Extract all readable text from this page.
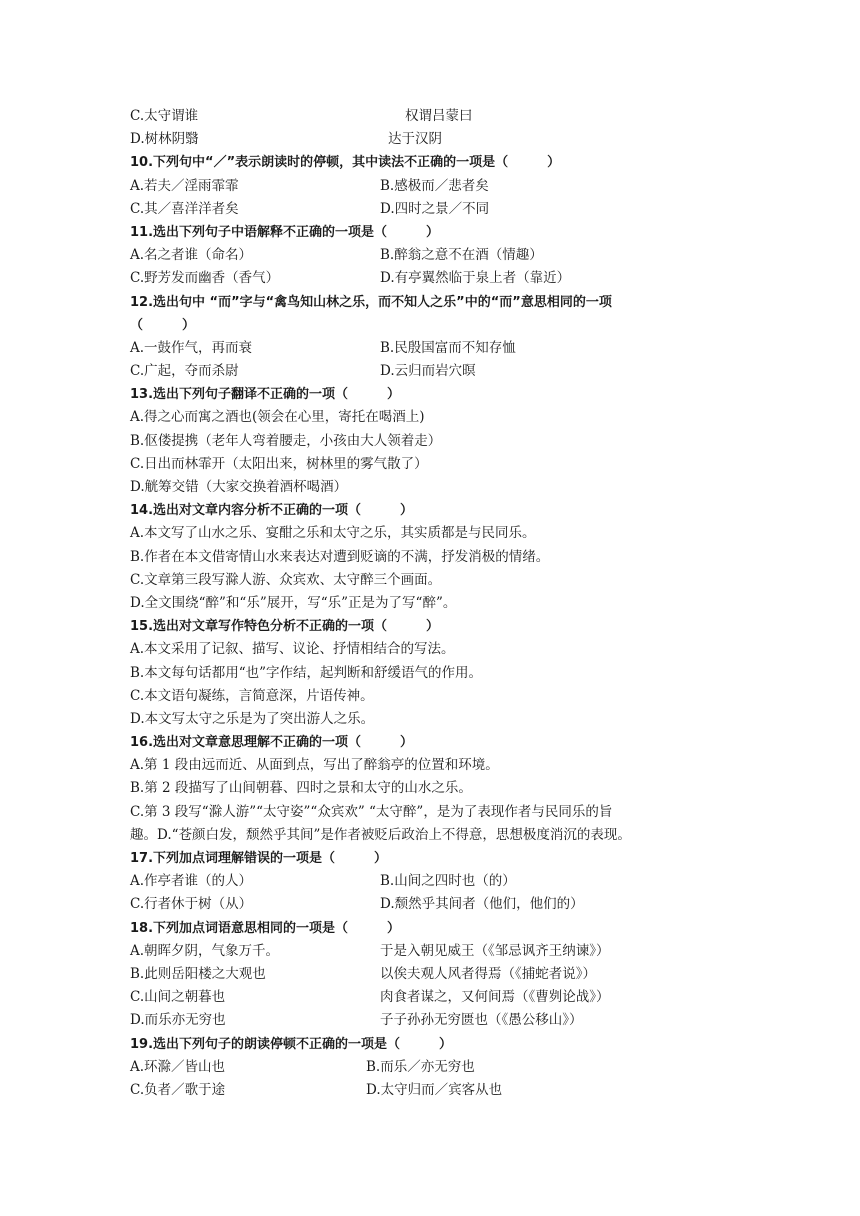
C.太守谓谁	权谓吕蒙曰
D.树林阴翳	达于汉阴
10.下列句中“／”表示朗读时的停顿，其中读法不正确的一项是（　　　）
A.若夫／淫雨霏霏	B.感极而／悲者矣
C.其／喜洋洋者矣	D.四时之景／不同
11.选出下列句子中语解释不正确的一项是（　　　）
A.名之者谁（命名）	B.醉翁之意不在酒（情趣）
C.野芳发而幽香（香气）	D.有亭翼然临于泉上者（靠近）
12.选出句中 “而”字与“禽鸟知山林之乐，而不知人之乐”中的“而”意思相同的一项
（　　　）
A.一鼓作气，再而衰	B.民殷国富而不知存恤
C.广起，夺而杀尉	D.云归而岩穴暝
13.选出下列句子翻译不正确的一项（　　　）
A.得之心而寓之酒也(领会在心里，寄托在喝酒上)
B.伛偻提携（老年人弯着腰走，小孩由大人领着走）
C.日出而林霏开（太阳出来，树林里的雾气散了）
D.觥筹交错（大家交换着酒杯喝酒）
14.选出对文章内容分析不正确的一项（　　　）
A.本文写了山水之乐、宴酣之乐和太守之乐，其实质都是与民同乐。
B.作者在本文借寄情山水来表达对遭到贬谪的不满，抒发消极的情绪。
C.文章第三段写滁人游、众宾欢、太守醉三个画面。
D.全文围绕“醉”和“乐”展开，写“乐”正是为了写“醉”。
15.选出对文章写作特色分析不正确的一项（　　　）
A.本文采用了记叙、描写、议论、抒情相结合的写法。
B.本文每句话都用“也”字作结，起判断和舒缓语气的作用。
C.本文语句凝练，言简意深，片语传神。
D.本文写太守之乐是为了突出游人之乐。
16.选出对文章意思理解不正确的一项（　　　）
A.第 1 段由远而近、从面到点，写出了醉翁亭的位置和环境。
B.第 2 段描写了山间朝暮、四时之景和太守的山水之乐。
C.第 3 段写“滁人游”“太守姿”“众宾欢” “太守醉”，是为了表现作者与民同乐的旨
趣。D.“苍颜白发，颓然乎其间”是作者被贬后政治上不得意，思想极度消沉的表现。
17.下列加点词理解错误的一项是（　　　）
A.作亭者谁（的人）	B.山间之四时也（的）
C.行者休于树（从）	D.颓然乎其间者（他们，他们的）
18.下列加点词语意思相同的一项是（　　　）
A.朝晖夕阴，气象万千。	于是入朝见威王（《邹忌讽齐王纳谏》）
B.此则岳阳楼之大观也	以俟夫观人风者得焉（《捕蛇者说》）
C.山间之朝暮也	肉食者谋之，又何间焉（《曹刿论战》）
D.而乐亦无穷也	子子孙孙无穷匮也（《愚公移山》）
19.选出下列句子的朗读停顿不正确的一项是（　　　）
A.环滁／皆山也	B.而乐／亦无穷也
C.负者／歌于途	D.太守归而／宾客从也
